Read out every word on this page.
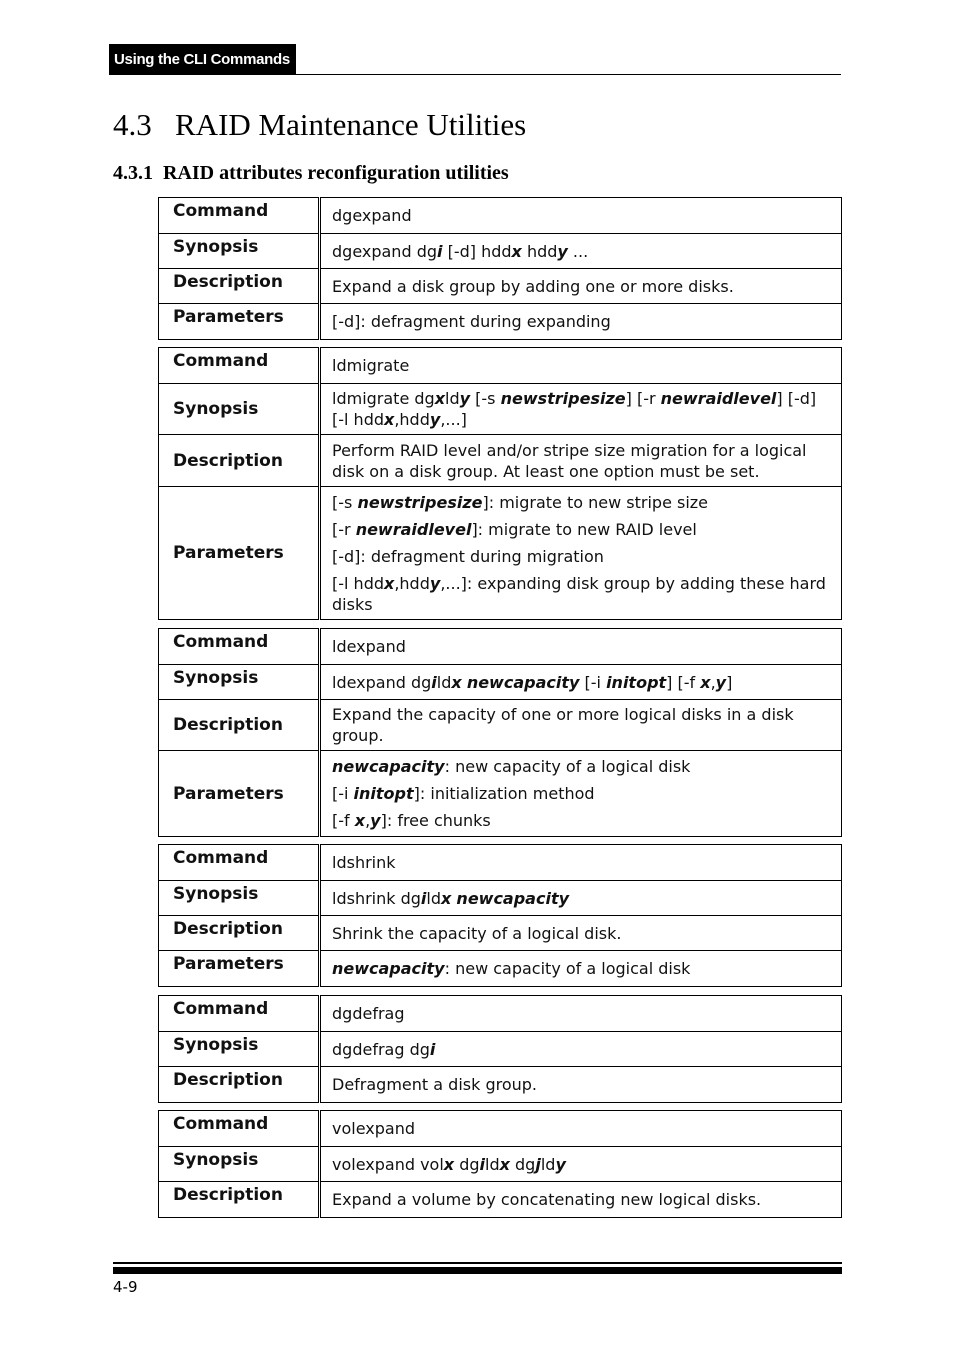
Using the CLI Commands
4.3   RAID Maintenance Utilities
4.3.1  RAID attributes reconfiguration utilities
Command	dgexpand
Synopsis	dgexpand dgi [-d] hddx hddy ...
Description	Expand a disk group by adding one or more disks.
Parameters	[-d]: defragment during expanding
Command	ldmigrate
Synopsis	ldmigrate dgxldy [-s newstripesize] [-r newraidlevel] [-d] [-l hddx,hddy,...]
Description	Perform RAID level and/or stripe size migration for a logical disk on a disk group. At least one option must be set.
Parameters	[-s newstripesize]: migrate to new stripe size
[-r newraidlevel]: migrate to new RAID level
[-d]: defragment during migration
[-l hddx,hddy,...]: expanding disk group by adding these hard disks
Command	ldexpand
Synopsis	ldexpand dgildx newcapacity [-i initopt] [-f x,y]
Description	Expand the capacity of one or more logical disks in a disk group.
Parameters	newcapacity: new capacity of a logical disk
[-i initopt]: initialization method
[-f x,y]: free chunks
Command	ldshrink
Synopsis	ldshrink dgildx newcapacity
Description	Shrink the capacity of a logical disk.
Parameters	newcapacity: new capacity of a logical disk
Command	dgdefrag
Synopsis	dgdefrag dgi
Description	Defragment a disk group.
Command	volexpand
Synopsis	volexpand volx dgildx dgjldy
Description	Expand a volume by concatenating new logical disks.
4-9
